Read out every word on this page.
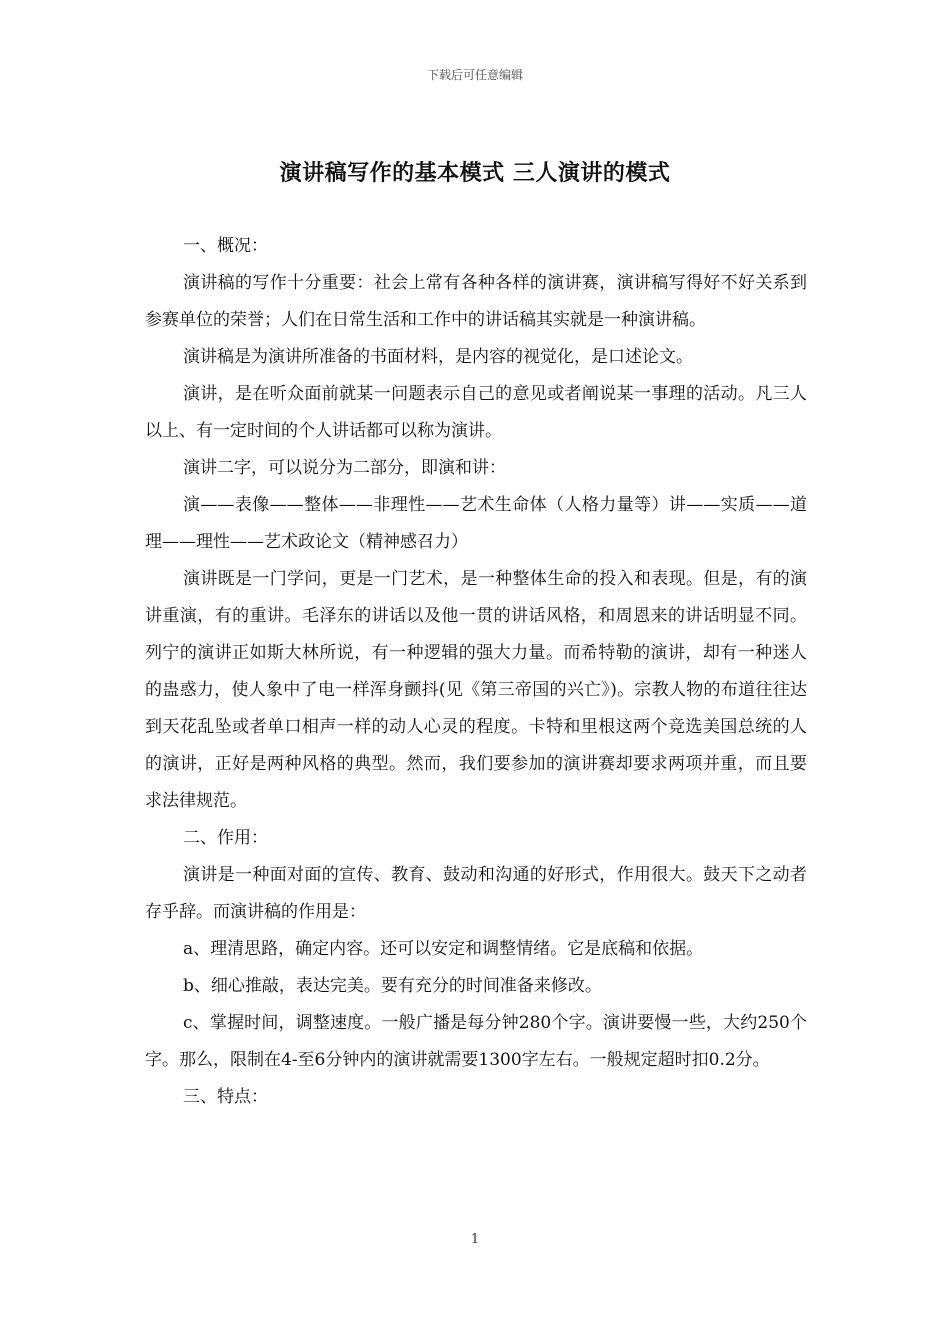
下载后可任意编辑
演讲稿写作的基本模式 三人演讲的模式

一、概况：

演讲稿的写作十分重要：社会上常有各种各样的演讲赛，演讲稿写得好不好关系到参赛单位的荣誉；人们在日常生活和工作中的讲话稿其实就是一种演讲稿。

演讲稿是为演讲所准备的书面材料，是内容的视觉化，是口述论文。

演讲，是在听众面前就某一问题表示自己的意见或者阐说某一事理的活动。凡三人以上、有一定时间的个人讲话都可以称为演讲。

演讲二字，可以说分为二部分，即演和讲：

演——表像——整体——非理性——艺术生命体（人格力量等）讲——实质——道理——理性——艺术政论文（精神感召力）

演讲既是一门学问，更是一门艺术，是一种整体生命的投入和表现。但是，有的演讲重演，有的重讲。毛泽东的讲话以及他一贯的讲话风格，和周恩来的讲话明显不同。列宁的演讲正如斯大林所说，有一种逻辑的强大力量。而希特勒的演讲，却有一种迷人的蛊惑力，使人象中了电一样浑身颤抖(见《第三帝国的兴亡》)。宗教人物的布道往往达到天花乱坠或者单口相声一样的动人心灵的程度。卡特和里根这两个竞选美国总统的人的演讲，正好是两种风格的典型。然而，我们要参加的演讲赛却要求两项并重，而且要求法律规范。

二、作用：

演讲是一种面对面的宣传、教育、鼓动和沟通的好形式，作用很大。鼓天下之动者存乎辞。而演讲稿的作用是：

a、理清思路，确定内容。还可以安定和调整情绪。它是底稿和依据。

b、细心推敲，表达完美。要有充分的时间准备来修改。

c、掌握时间，调整速度。一般广播是每分钟280个字。演讲要慢一些，大约250个字。那么，限制在4-至6分钟内的演讲就需要1300字左右。一般规定超时扣0.2分。

三、特点：

1
